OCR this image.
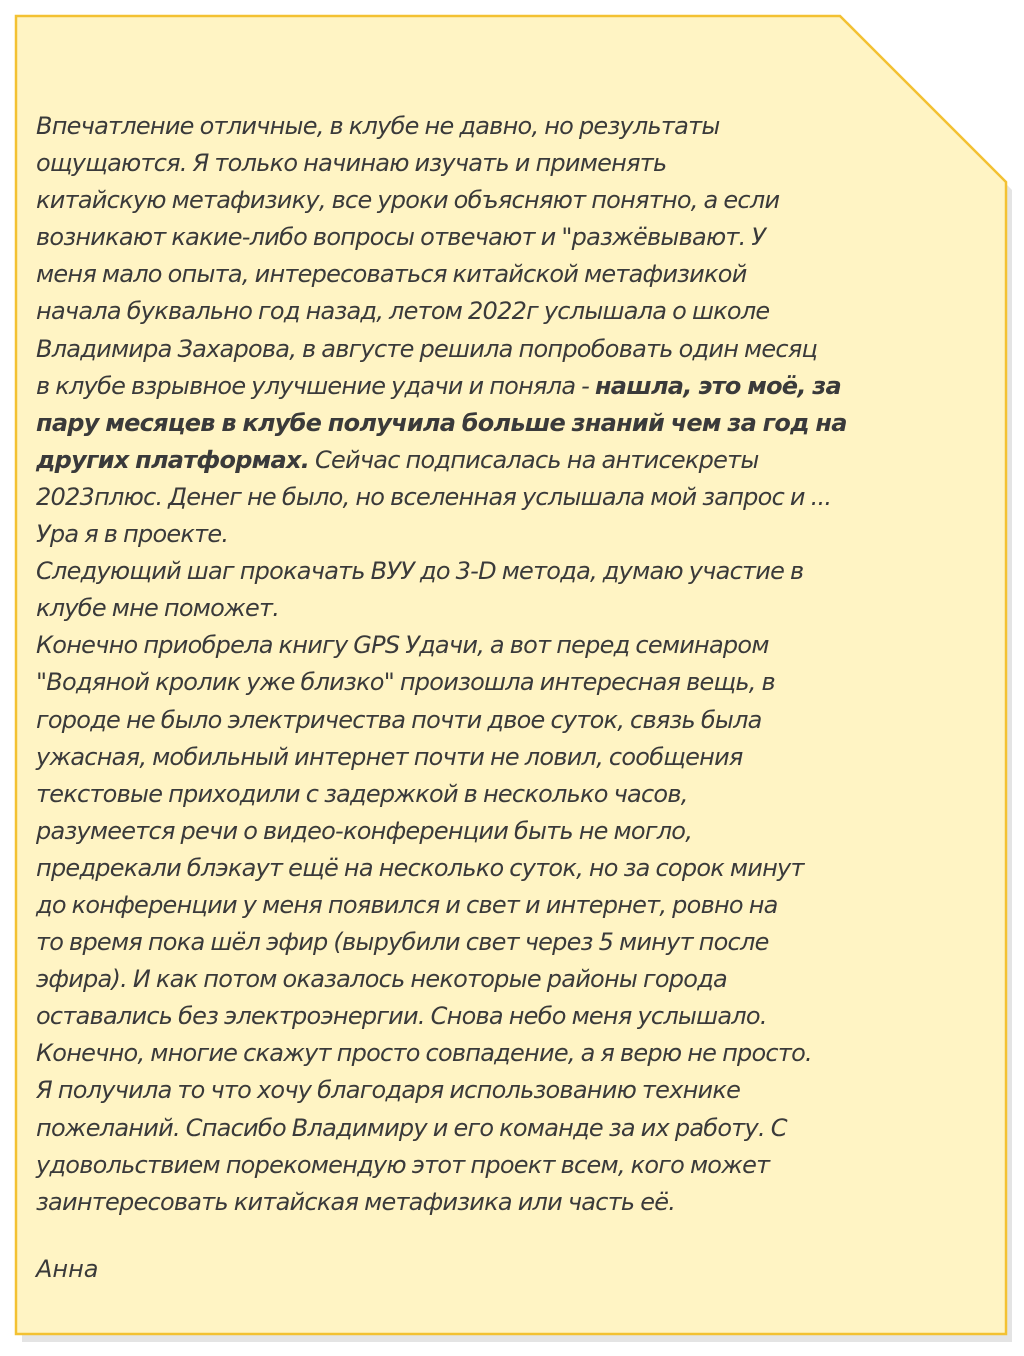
Впечатление отличные, в клубе не давно, но результаты
ощущаются. Я только начинаю изучать и применять
китайскую метафизику, все уроки объясняют понятно, а если
возникают какие-либо вопросы отвечают и "разжёвывают. У
меня мало опыта, интересоваться китайской метафизикой
начала буквально год назад, летом 2022г услышала о школе
Владимира Захарова, в августе решила попробовать один месяц
в клубе взрывное улучшение удачи и поняла - нашла, это моё, за
пару месяцев в клубе получила больше знаний чем за год на
других платформах. Сейчас подписалась на антисекреты
2023плюс. Денег не было, но вселенная услышала мой запрос и ...
Ура я в проекте.
Следующий шаг прокачать ВУУ до 3-D метода, думаю участие в
клубе мне поможет.
Конечно приобрела книгу GPS Удачи, а вот перед семинаром
"Водяной кролик уже близко" произошла интересная вещь, в
городе не было электричества почти двое суток, связь была
ужасная, мобильный интернет почти не ловил, сообщения
текстовые приходили с задержкой в несколько часов,
разумеется речи о видео-конференции быть не могло,
предрекали блэкаут ещё на несколько суток, но за сорок минут
до конференции у меня появился и свет и интернет, ровно на
то время пока шёл эфир (вырубили свет через 5 минут после
эфира). И как потом оказалось некоторые районы города
оставались без электроэнергии. Снова небо меня услышало.
Конечно, многие скажут просто совпадение, а я верю не просто.
Я получила то что хочу благодаря использованию технике
пожеланий. Спасибо Владимиру и его команде за их работу. С
удовольствием порекомендую этот проект всем, кого может
заинтересовать китайская метафизика или часть её.
Анна
